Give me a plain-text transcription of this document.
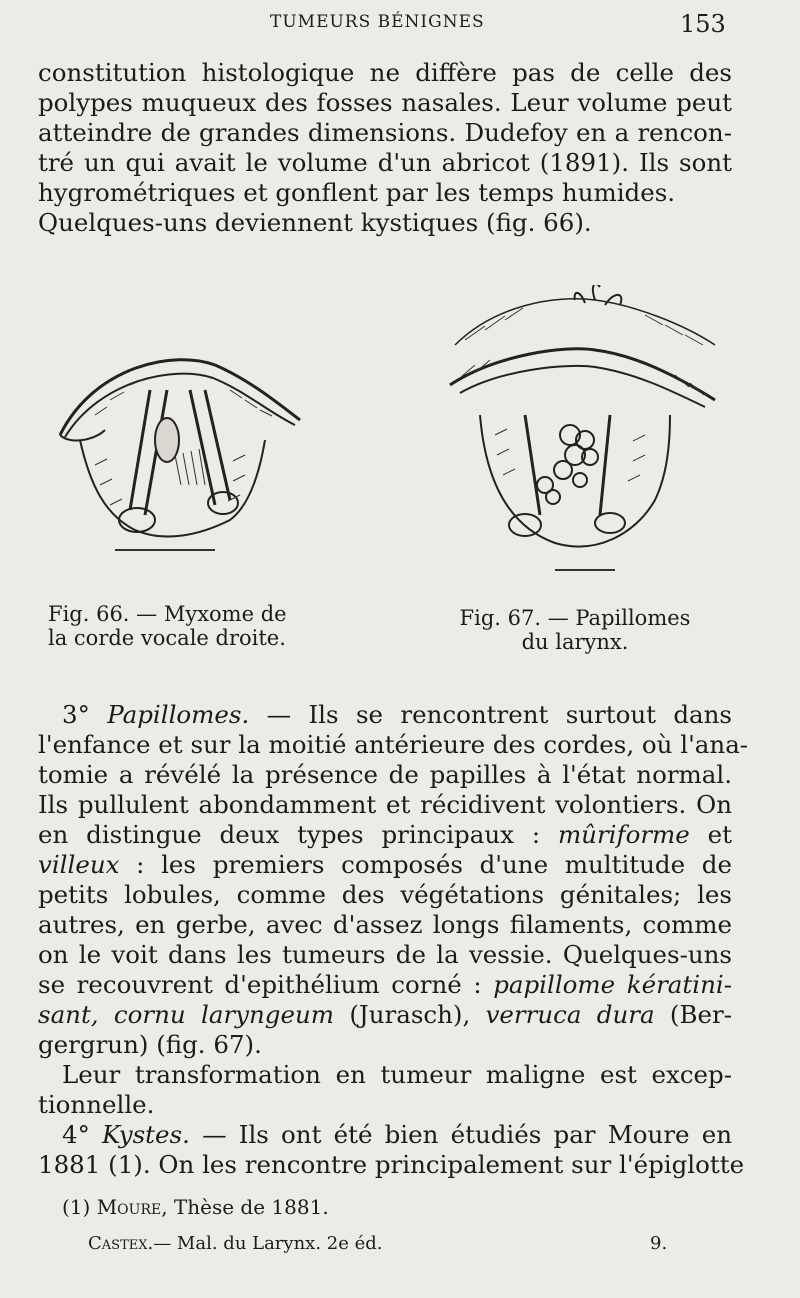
TUMEURS BÉNIGNES	153
constitution histologique ne diffère pas de celle des
polypes muqueux des fosses nasales. Leur volume peut
atteindre de grandes dimensions. Dudefoy en a rencon-
tré un qui avait le volume d'un abricot (1891). Ils sont
hygrométriques et gonflent par les temps humides.
Quelques-uns deviennent kystiques (fig. 66).
Fig. 66. — Myxome de
la corde vocale droite.
Fig. 67. — Papillomes
du larynx.
3° Papillomes. — Ils se rencontrent surtout dans
l'enfance et sur la moitié antérieure des cordes, où l'ana-
tomie a révélé la présence de papilles à l'état normal.
Ils pullulent abondamment et récidivent volontiers. On
en distingue deux types principaux : mûriforme et
villeux : les premiers composés d'une multitude de
petits lobules, comme des végétations génitales; les
autres, en gerbe, avec d'assez longs filaments, comme
on le voit dans les tumeurs de la vessie. Quelques-uns
se recouvrent d'epithélium corné : papillome kératini-
sant, cornu laryngeum (Jurasch), verruca dura (Ber-
gergrun) (fig. 67).
Leur transformation en tumeur maligne est excep-
tionnelle.
4° Kystes. — Ils ont été bien étudiés par Moure en
1881 (1). On les rencontre principalement sur l'épiglotte
(1) Moure, Thèse de 1881.
Castex.— Mal. du Larynx. 2e éd.	9.
